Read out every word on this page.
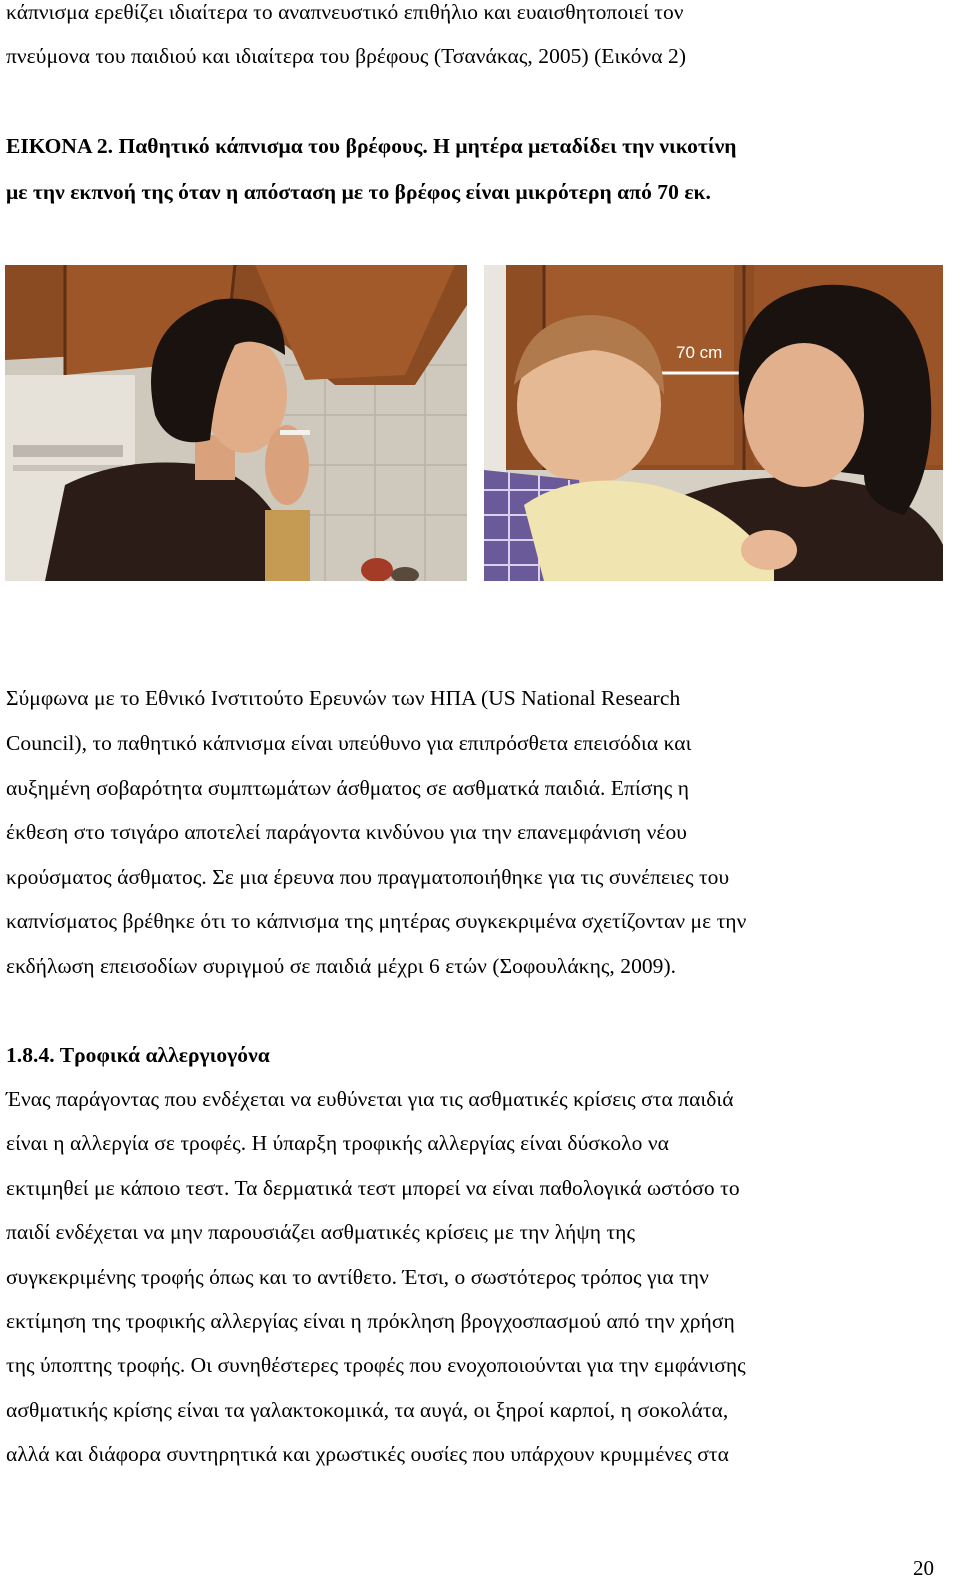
κάπνισμα ερεθίζει ιδιαίτερα το αναπνευστικό επιθήλιο και ευαισθητοποιεί τον
πνεύμονα του παιδιού και ιδιαίτερα του βρέφους (Τσανάκας, 2005) (Εικόνα 2)
ΕΙΚΟΝΑ 2. Παθητικό κάπνισμα του βρέφους. Η μητέρα μεταδίδει την νικοτίνη
με την εκπνοή της όταν η απόσταση με το βρέφος είναι μικρότερη από 70 εκ.
70 cm
Σύμφωνα με το Εθνικό Ινστιτούτο Ερευνών των ΗΠΑ (US National Research
Council), το παθητικό κάπνισμα είναι υπεύθυνο για επιπρόσθετα επεισόδια και
αυξημένη σοβαρότητα συμπτωμάτων άσθματος σε ασθματκά παιδιά. Επίσης η
έκθεση στο τσιγάρο αποτελεί παράγοντα κινδύνου για την επανεμφάνιση νέου
κρούσματος άσθματος. Σε μια έρευνα που πραγματοποιήθηκε για τις συνέπειες του
καπνίσματος βρέθηκε ότι το κάπνισμα της μητέρας συγκεκριμένα σχετίζονταν με την
εκδήλωση επεισοδίων συριγμού σε παιδιά μέχρι 6 ετών (Σοφουλάκης, 2009).
1.8.4. Τροφικά αλλεργιογόνα
Ένας παράγοντας που ενδέχεται να ευθύνεται για τις ασθματικές κρίσεις στα παιδιά
είναι η αλλεργία σε τροφές. Η ύπαρξη τροφικής αλλεργίας είναι δύσκολο να
εκτιμηθεί με κάποιο τεστ. Τα δερματικά τεστ μπορεί να είναι παθολογικά ωστόσο το
παιδί ενδέχεται να μην παρουσιάζει ασθματικές κρίσεις με την λήψη της
συγκεκριμένης τροφής όπως και το αντίθετο. Έτσι, ο σωστότερος τρόπος για την
εκτίμηση της τροφικής αλλεργίας είναι η πρόκληση βρογχοσπασμού από την χρήση
της ύποπτης τροφής. Οι συνηθέστερες τροφές που ενοχοποιούνται για την εμφάνισης
ασθματικής κρίσης είναι τα γαλακτοκομικά, τα αυγά, οι ξηροί καρποί, η σοκολάτα,
αλλά και διάφορα συντηρητικά και χρωστικές ουσίες που υπάρχουν κρυμμένες στα
20
